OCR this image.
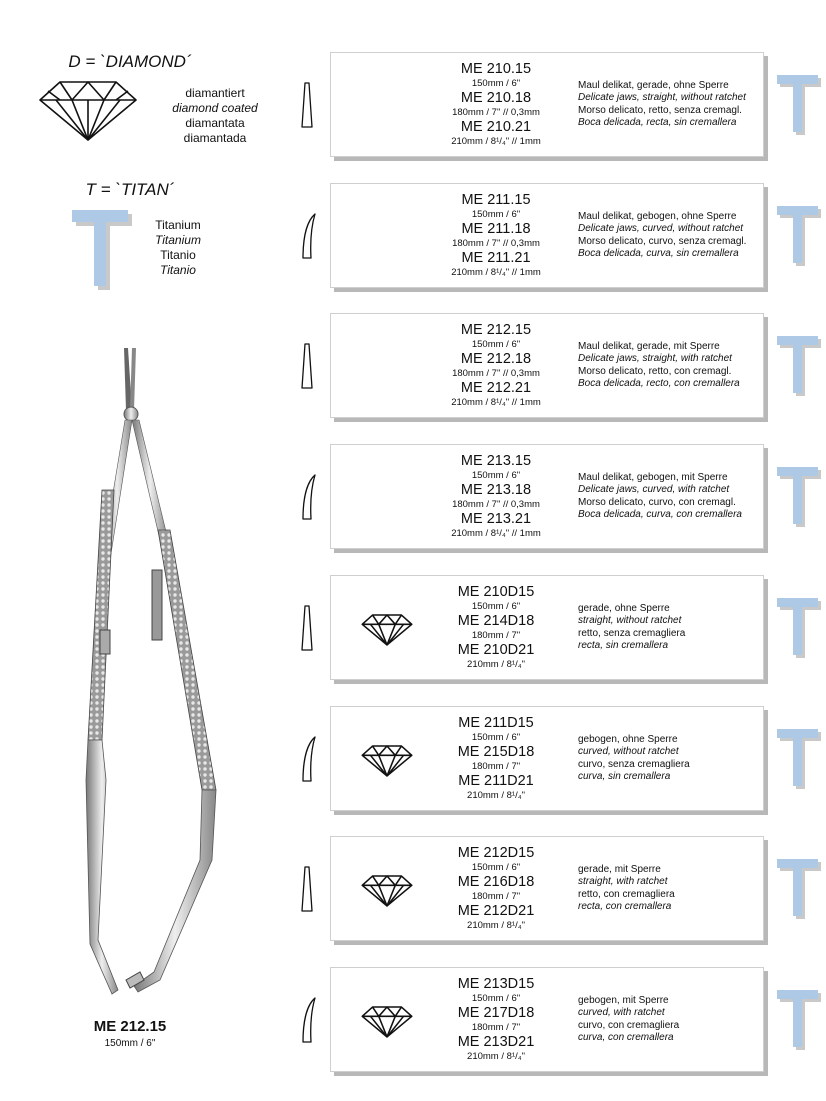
D = `DIAMOND´
diamantiert
diamond coated
diamantata
diamantada
T = `TITAN´
Titanium
Titanium
Titanio
Titanio
ME 212.15
150mm / 6"
ME 210.15
150mm / 6"
ME 210.18
180mm / 7" // 0,3mm
ME 210.21
210mm / 8¹/₄" // 1mm
Maul delikat, gerade, ohne Sperre
Delicate jaws, straight, without ratchet
Morso delicato, retto, senza cremagl.
Boca delicada, recta, sin cremallera
ME 211.15
150mm / 6"
ME 211.18
180mm / 7" // 0,3mm
ME 211.21
210mm / 8¹/₄" // 1mm
Maul delikat, gebogen, ohne Sperre
Delicate jaws, curved, without ratchet
Morso delicato, curvo, senza cremagl.
Boca delicada, curva, sin cremallera
ME 212.15
150mm / 6"
ME 212.18
180mm / 7" // 0,3mm
ME 212.21
210mm / 8¹/₄" // 1mm
Maul delikat, gerade, mit Sperre
Delicate jaws, straight, with ratchet
Morso delicato, retto, con cremagl.
Boca delicada, recto, con cremallera
ME 213.15
150mm / 6"
ME 213.18
180mm / 7" // 0,3mm
ME 213.21
210mm / 8¹/₄" // 1mm
Maul delikat, gebogen, mit Sperre
Delicate jaws, curved, with ratchet
Morso delicato, curvo, con cremagl.
Boca delicada, curva, con cremallera
ME 210D15
150mm / 6"
ME 214D18
180mm / 7"
ME 210D21
210mm / 8¹/₄"
gerade, ohne Sperre
straight, without ratchet
retto, senza cremagliera
recta, sin cremallera
ME 211D15
150mm / 6"
ME 215D18
180mm / 7"
ME 211D21
210mm / 8¹/₄"
gebogen, ohne Sperre
curved, without ratchet
curvo, senza cremagliera
curva, sin cremallera
ME 212D15
150mm / 6"
ME 216D18
180mm / 7"
ME 212D21
210mm / 8¹/₄"
gerade, mit Sperre
straight, with ratchet
retto, con cremagliera
recta, con cremallera
ME 213D15
150mm / 6"
ME 217D18
180mm / 7"
ME 213D21
210mm / 8¹/₄"
gebogen, mit Sperre
curved, with ratchet
curvo, con cremagliera
curva, con cremallera
